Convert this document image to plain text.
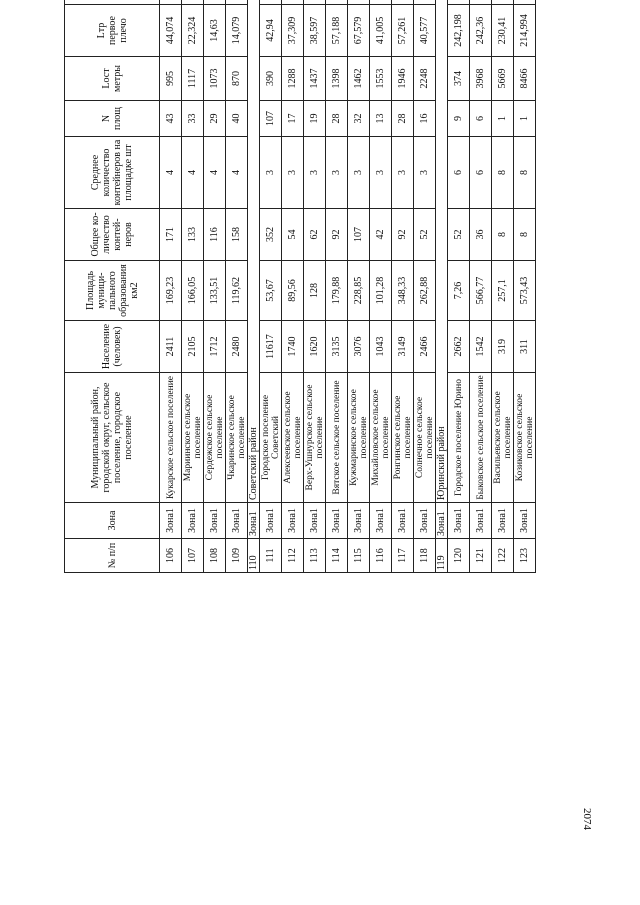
2074
№ п/п	Зона	Муниципальный район, городской округ, сельское поселение, городское поселение	Население (человек)	Площадь муници-пального образования км2	Общее ко-личество контей-неров	Среднее количество контейнеров на площадке шт	N площ	Lост метры	Lтр первое плечо					
106	Зона1	Кукарское сельское поселение	2411	169,23	171	4	43	995	44,074					
107	Зона1	Мариинское сельское поселение	2105	166,05	133	4	33	1117	22,324					
108	Зона1	Сердежское сельское поселение	1712	133,51	116	4	29	1073	14,63					
109	Зона1	Чкаринское сельское поселение	2480	119,62	158	4	40	870	14,079					
110	Зона1	Советский район												
111	Зона1	Городское поселение Советский	11617	53,67	352	3	107	390	42,94					
112	Зона1	Алексеевское сельское поселение	1740	89,56	54	3	17	1288	37,309					
113	Зона1	Верх-Ушнурское сельское поселение	1620	128	62	3	19	1437	38,597					
114	Зона1	Вятское сельское поселение	3135	179,88	92	3	28	1398	57,188					
115	Зона1	Кужмаринское сельское поселение	3076	228,85	107	3	32	1462	67,579					
116	Зона1	Михайловское сельское поселение	1043	101,28	42	3	13	1553	41,005					
117	Зона1	Ронгинское сельское поселение	3149	348,33	92	3	28	1946	57,261					
118	Зона1	Солнечное сельское поселение	2466	262,88	52	3	16	2248	40,577					
119	Зона1	Юринский район												
120	Зона1	Городское поселение Юрино	2662	7,26	52	6	9	374	242,198					
121	Зона1	Быковское сельское поселение	1542	566,77	36	6	6	3968	242,36					
122	Зона1	Васильевское сельское поселение	319	257,1	8	8	1	5669	230,41					
123	Зона1	Козиковское сельское поселение	311	573,43	8	8	1	8466	214,994					
